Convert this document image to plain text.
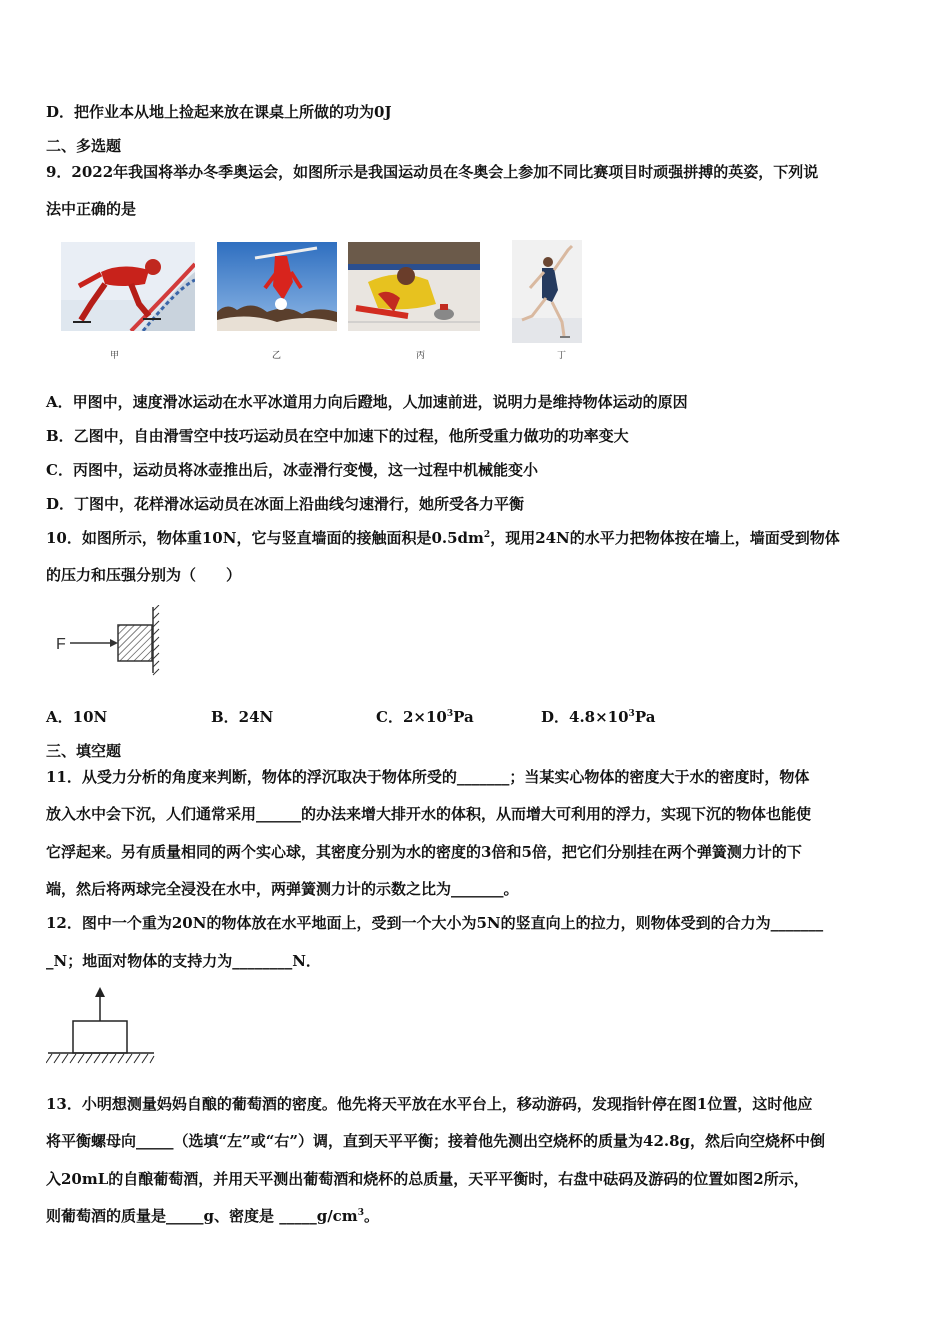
D．把作业本从地上捡起来放在课桌上所做的功为0J
二、多选题
9．2022年我国将举办冬季奥运会，如图所示是我国运动员在冬奥会上参加不同比赛项目时顽强拼搏的英姿，下列说
法中正确的是
甲	乙	丙	丁
A．甲图中，速度滑冰运动在水平冰道用力向后蹬地，人加速前进，说明力是维持物体运动的原因
B．乙图中，自由滑雪空中技巧运动员在空中加速下的过程，他所受重力做功的功率变大
C．丙图中，运动员将冰壶推出后，冰壶滑行变慢，这一过程中机械能变小
D．丁图中，花样滑冰运动员在冰面上沿曲线匀速滑行，她所受各力平衡
10．如图所示，物体重10N，它与竖直墙面的接触面积是$0.5dm^2$，现用24N的水平力把物体按在墙上，墙面受到物体
的压力和压强分别为（　　）
F
A．10N	B．24N	C．$2\times 10^3Pa$	D．$4.8\times 10^3Pa$
三、填空题
11．从受力分析的角度来判断，物体的浮沉取决于物体所受的_______；当某实心物体的密度大于水的密度时，物体
放入水中会下沉，人们通常采用______的办法来增大排开水的体积，从而增大可利用的浮力，实现下沉的物体也能使
它浮起来。另有质量相同的两个实心球，其密度分别为水的密度的3倍和5倍，把它们分别挂在两个弹簧测力计的下
端，然后将两球完全浸没在水中，两弹簧测力计的示数之比为_______。
12．图中一个重为20N的物体放在水平地面上，受到一个大小为5N的竖直向上的拉力，则物体受到的合力为_______
_N；地面对物体的支持力为________N．
13．小明想测量妈妈自酿的葡萄酒的密度。他先将天平放在水平台上，移动游码，发现指针停在图1位置，这时他应
将平衡螺母向_____（选填“左”或“右”）调，直到天平平衡；接着他先测出空烧杯的质量为42.8g，然后向空烧杯中倒
入20mL的自酿葡萄酒，并用天平测出葡萄酒和烧杯的总质量，天平平衡时，右盘中砝码及游码的位置如图2所示，
则葡萄酒的质量是_____g、密度是 $\_\_\_\_\_g/cm^3$。
